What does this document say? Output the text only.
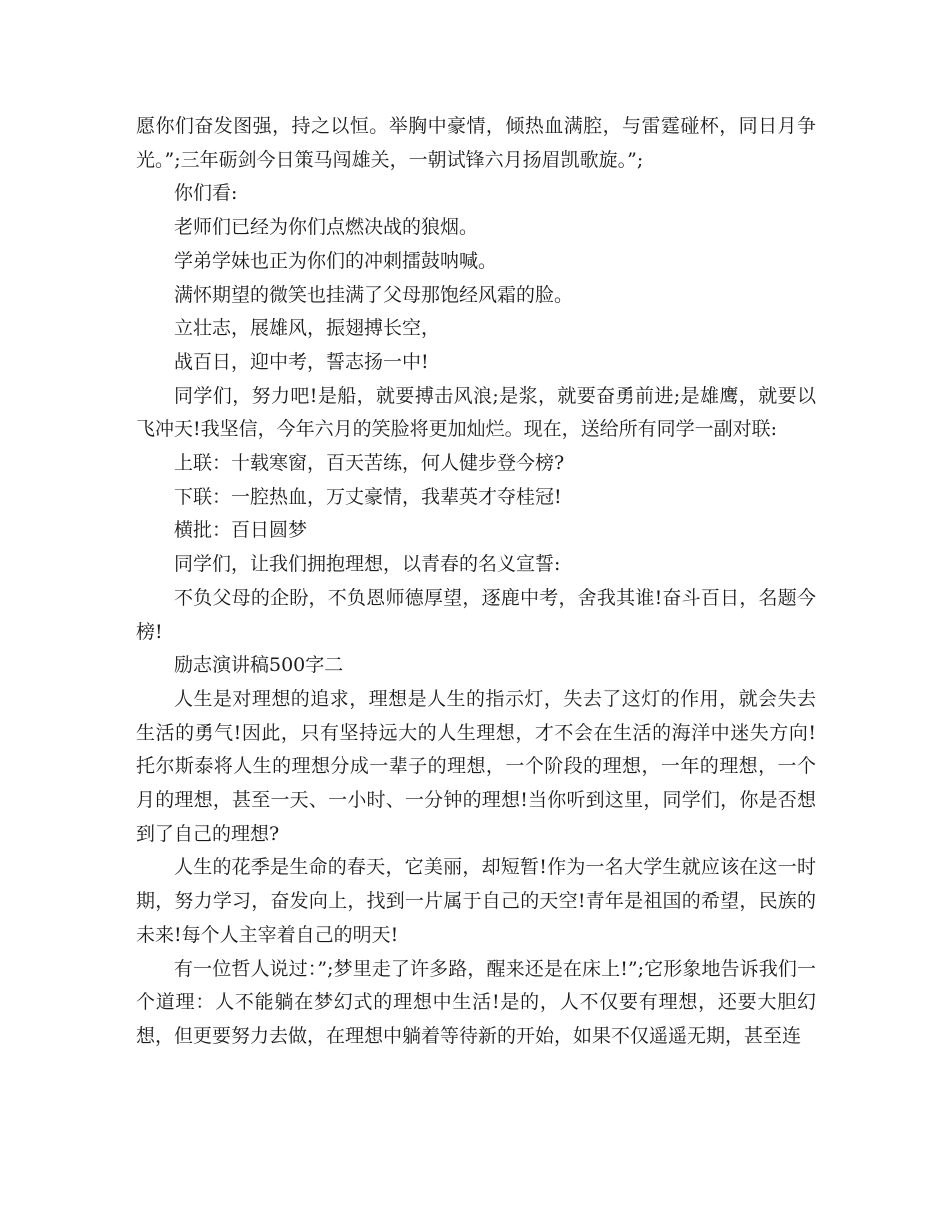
愿你们奋发图强，持之以恒。举胸中豪情，倾热血满腔，与雷霆碰杯，同日月争光。”;三年砺剑今日策马闯雄关，一朝试锋六月扬眉凯歌旋。”;

你们看:

老师们已经为你们点燃决战的狼烟。

学弟学妹也正为你们的冲刺擂鼓呐喊。

满怀期望的微笑也挂满了父母那饱经风霜的脸。

立壮志，展雄风，振翅搏长空，

战百日，迎中考，誓志扬一中!

同学们，努力吧!是船，就要搏击风浪;是浆，就要奋勇前进;是雄鹰，就要以飞冲天!我坚信，今年六月的笑脸将更加灿烂。现在，送给所有同学一副对联:

上联：十载寒窗，百天苦练，何人健步登今榜?

下联：一腔热血，万丈豪情，我辈英才夺桂冠!

横批：百日圆梦

同学们，让我们拥抱理想，以青春的名义宣誓:

不负父母的企盼，不负恩师德厚望，逐鹿中考，舍我其谁!奋斗百日，名题今榜!

励志演讲稿500字二

人生是对理想的追求，理想是人生的指示灯，失去了这灯的作用，就会失去生活的勇气!因此，只有坚持远大的人生理想，才不会在生活的海洋中迷失方向!托尔斯泰将人生的理想分成一辈子的理想，一个阶段的理想，一年的理想，一个月的理想，甚至一天、一小时、一分钟的理想!当你听到这里，同学们，你是否想到了自己的理想?

人生的花季是生命的春天，它美丽，却短暂!作为一名大学生就应该在这一时期，努力学习，奋发向上，找到一片属于自己的天空!青年是祖国的希望，民族的未来!每个人主宰着自己的明天!

有一位哲人说过：”;梦里走了许多路，醒来还是在床上!”;它形象地告诉我们一个道理：人不能躺在梦幻式的理想中生活!是的，人不仅要有理想，还要大胆幻想，但更要努力去做，在理想中躺着等待新的开始，如果不仅遥遥无期，甚至连
